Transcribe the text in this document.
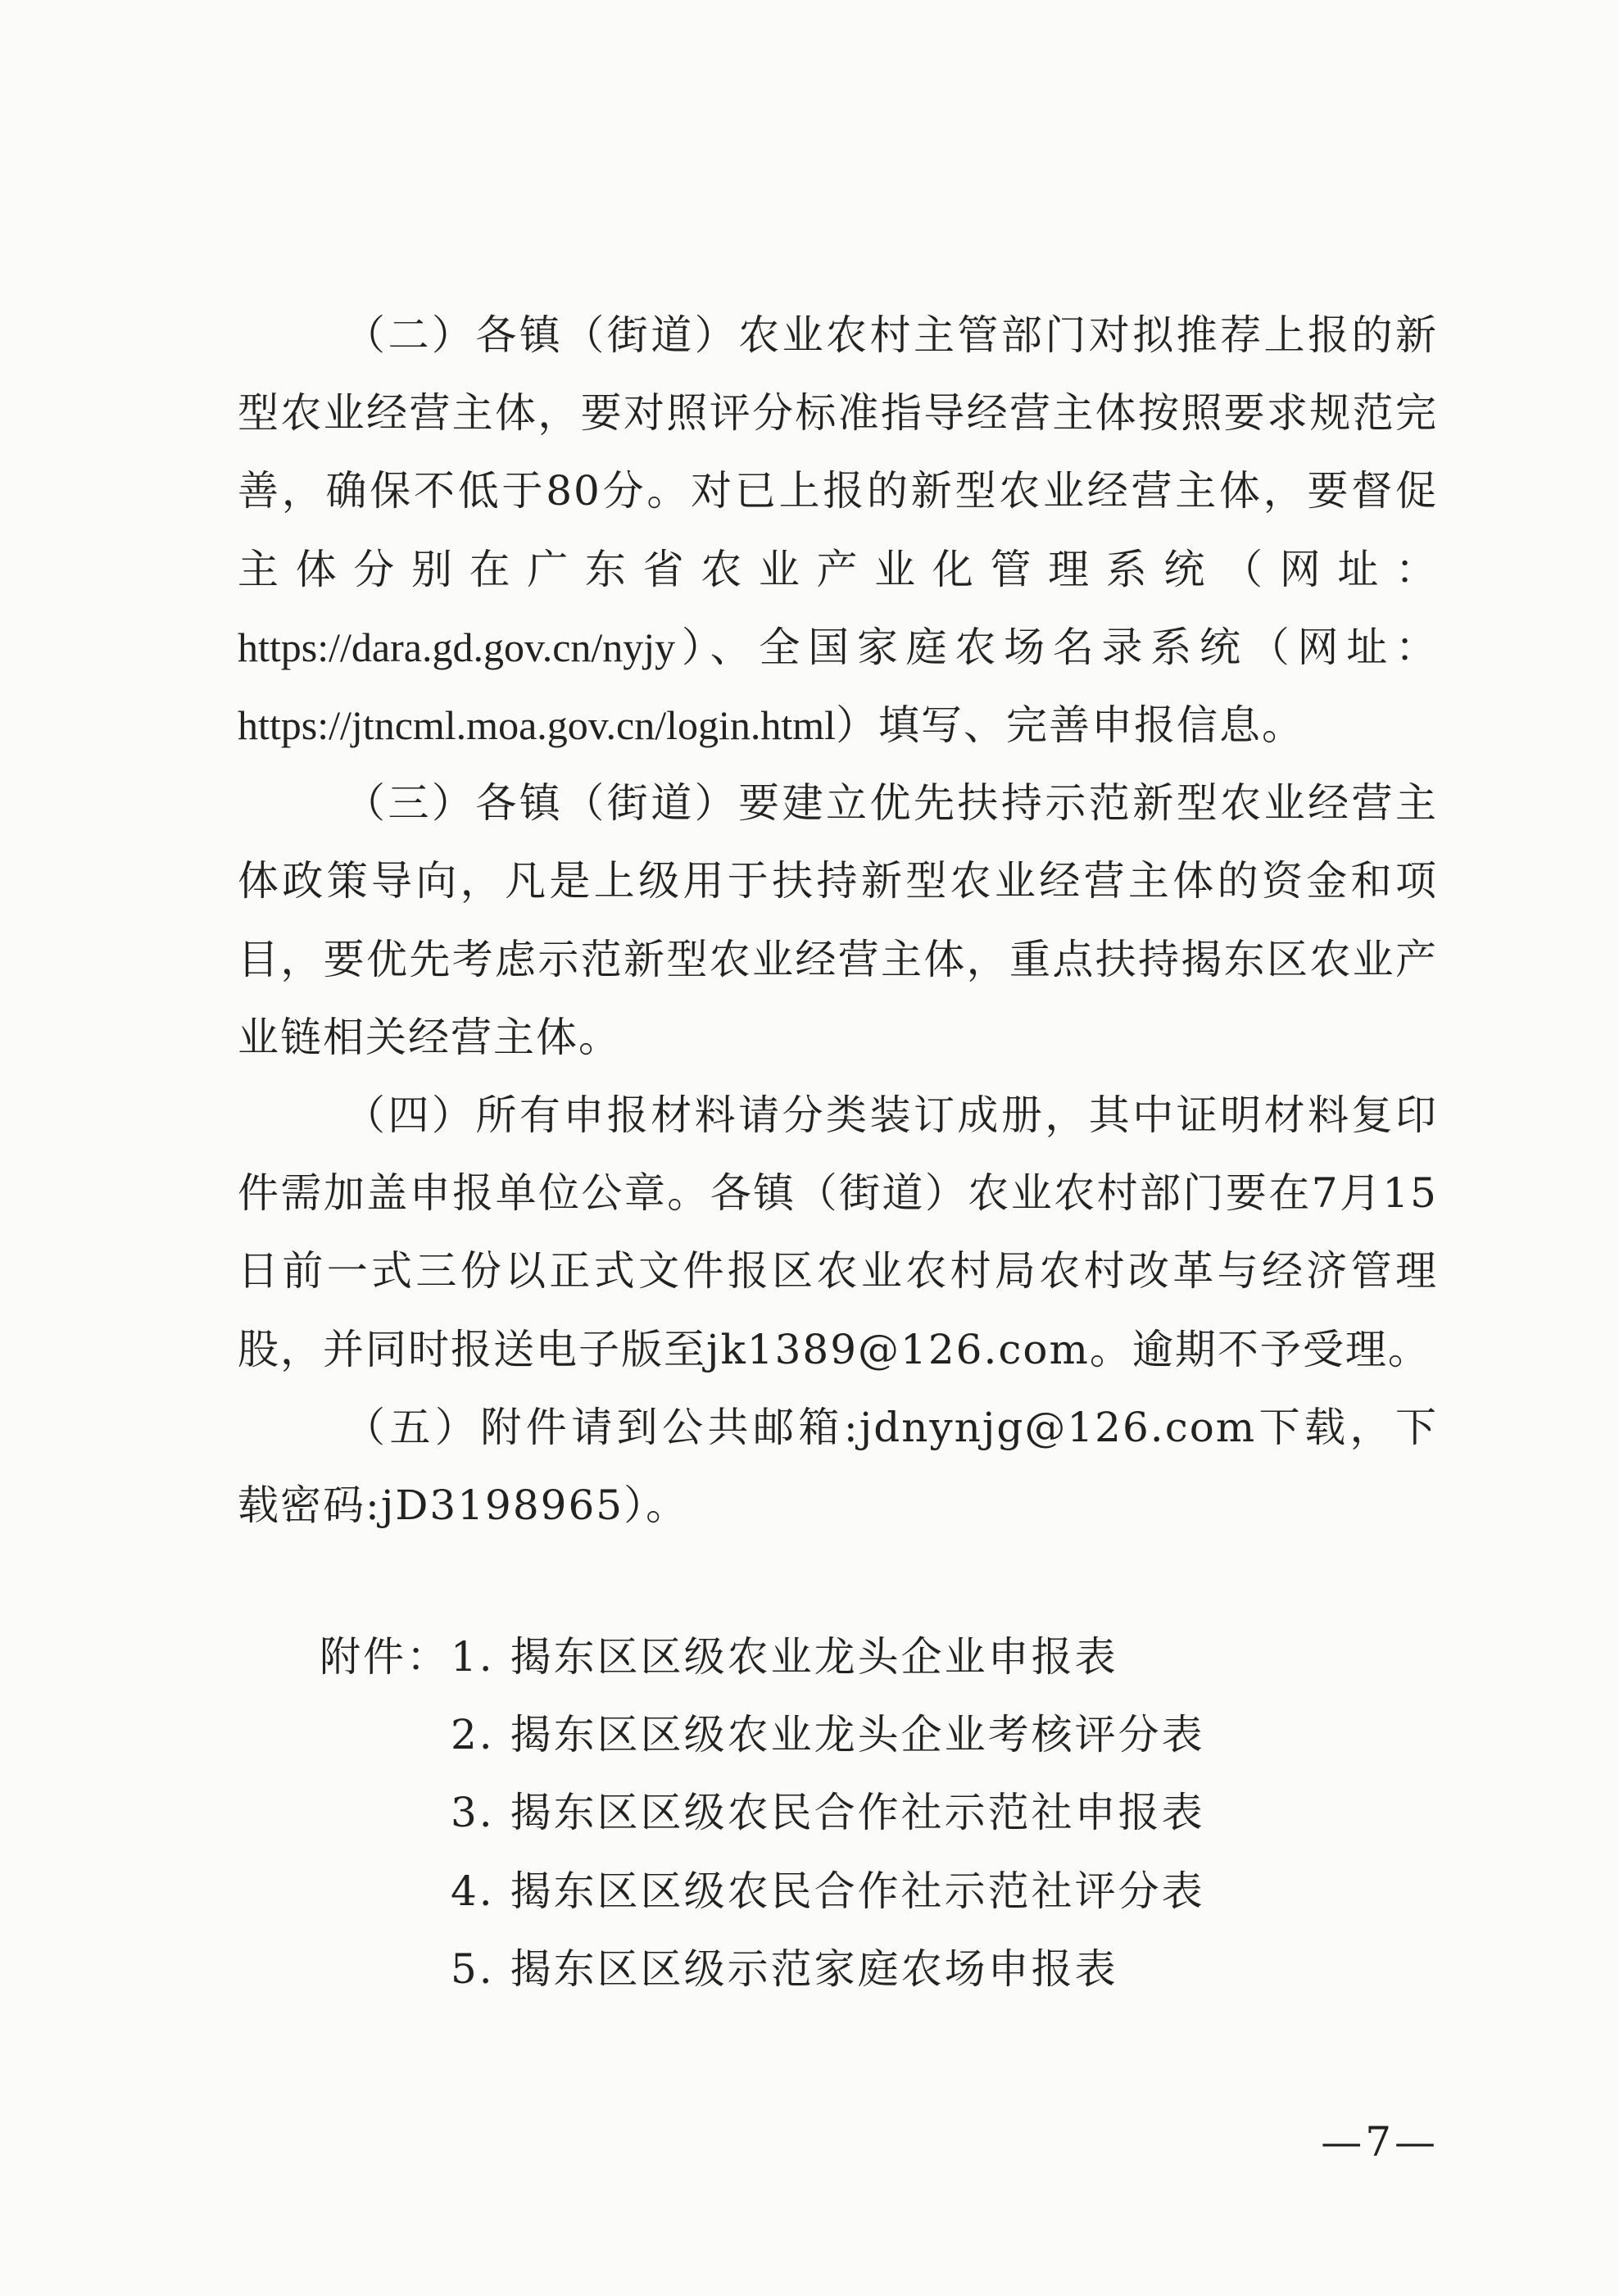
（二）各镇（街道）农业农村主管部门对拟推荐上报的新型农业经营主体，要对照评分标准指导经营主体按照要求规范完善，确保不低于80分。对已上报的新型农业经营主体，要督促主体分别在广东省农业产业化管理系统（网址：https://dara.gd.gov.cn/nyjy）、全国家庭农场名录系统（网址：https://jtncml.moa.gov.cn/login.html）填写、完善申报信息。

（三）各镇（街道）要建立优先扶持示范新型农业经营主体政策导向，凡是上级用于扶持新型农业经营主体的资金和项目，要优先考虑示范新型农业经营主体，重点扶持揭东区农业产业链相关经营主体。

（四）所有申报材料请分类装订成册，其中证明材料复印件需加盖申报单位公章。各镇（街道）农业农村部门要在7月15日前一式三份以正式文件报区农业农村局农村改革与经济管理股，并同时报送电子版至jk1389@126.com。逾期不予受理。

（五）附件请到公共邮箱:jdnynjg@126.com下载，下载密码:jD3198965）。

附件： 1. 揭东区区级农业龙头企业申报表
2. 揭东区区级农业龙头企业考核评分表
3. 揭东区区级农民合作社示范社申报表
4. 揭东区区级农民合作社示范社评分表
5. 揭东区区级示范家庭农场申报表
—7—
